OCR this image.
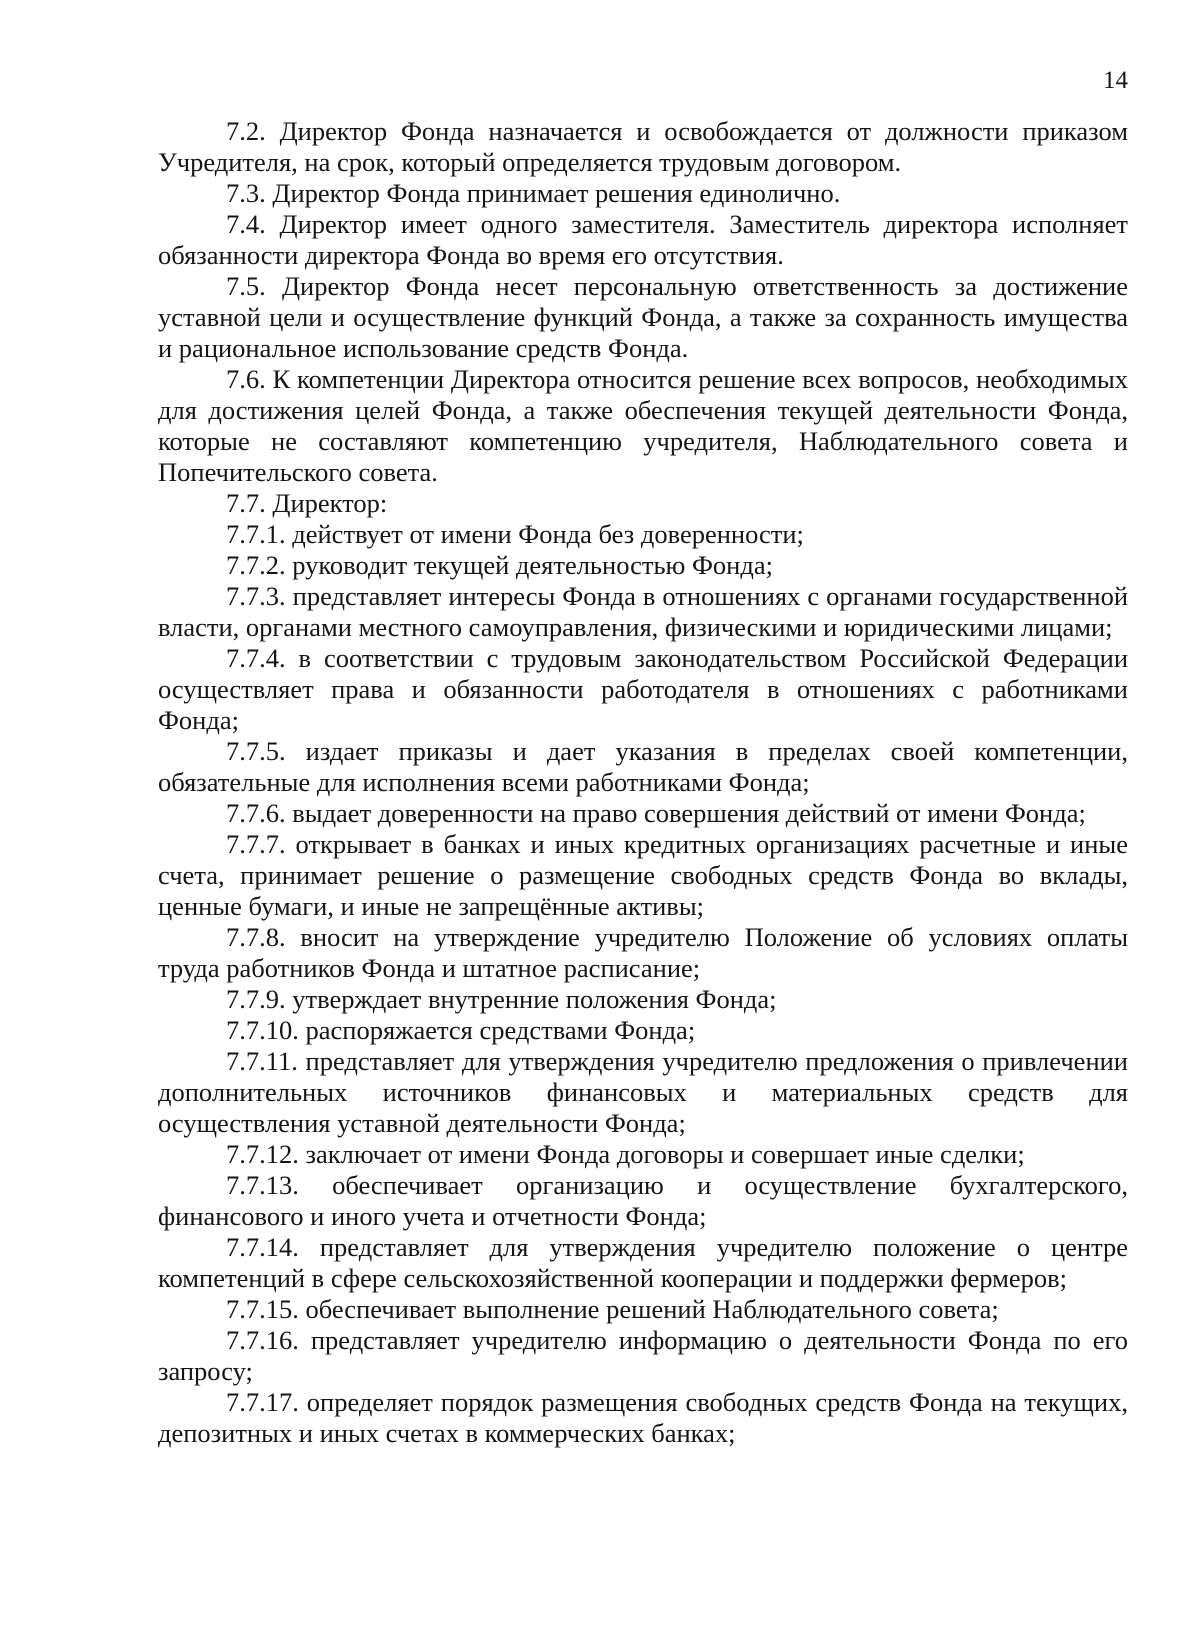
14

7.2. Директор Фонда назначается и освобождается от должности приказом Учредителя, на срок, который определяется трудовым договором.

7.3. Директор Фонда принимает решения единолично.

7.4. Директор имеет одного заместителя. Заместитель директора исполняет обязанности директора Фонда во время его отсутствия.

7.5. Директор Фонда несет персональную ответственность за достижение уставной цели и осуществление функций Фонда, а также за сохранность имущества и рациональное использование средств Фонда.

7.6. К компетенции Директора относится решение всех вопросов, необходимых для достижения целей Фонда, а также обеспечения текущей деятельности Фонда, которые не составляют компетенцию учредителя, Наблюдательного совета и Попечительского совета.

7.7. Директор:

7.7.1. действует от имени Фонда без доверенности;

7.7.2. руководит текущей деятельностью Фонда;

7.7.3. представляет интересы Фонда в отношениях с органами государственной власти, органами местного самоуправления, физическими и юридическими лицами;

7.7.4. в соответствии с трудовым законодательством Российской Федерации осуществляет права и обязанности работодателя в отношениях с работниками Фонда;

7.7.5. издает приказы и дает указания в пределах своей компетенции, обязательные для исполнения всеми работниками Фонда;

7.7.6. выдает доверенности на право совершения действий от имени Фонда;

7.7.7. открывает в банках и иных кредитных организациях расчетные и иные счета, принимает решение о размещение свободных средств Фонда во вклады, ценные бумаги, и иные не запрещённые активы;

7.7.8. вносит на утверждение учредителю Положение об условиях оплаты труда работников Фонда и штатное расписание;

7.7.9. утверждает внутренние положения Фонда;

7.7.10. распоряжается средствами Фонда;

7.7.11. представляет для утверждения учредителю предложения о привлечении дополнительных источников финансовых и материальных средств для осуществления уставной деятельности Фонда;

7.7.12. заключает от имени Фонда договоры и совершает иные сделки;

7.7.13. обеспечивает организацию и осуществление бухгалтерского, финансового и иного учета и отчетности Фонда;

7.7.14. представляет для утверждения учредителю положение о центре компетенций в сфере сельскохозяйственной кооперации и поддержки фермеров;

7.7.15. обеспечивает выполнение решений Наблюдательного совета;

7.7.16. представляет учредителю информацию о деятельности Фонда по его запросу;

7.7.17. определяет порядок размещения свободных средств Фонда на текущих, депозитных и иных счетах в коммерческих банках;
